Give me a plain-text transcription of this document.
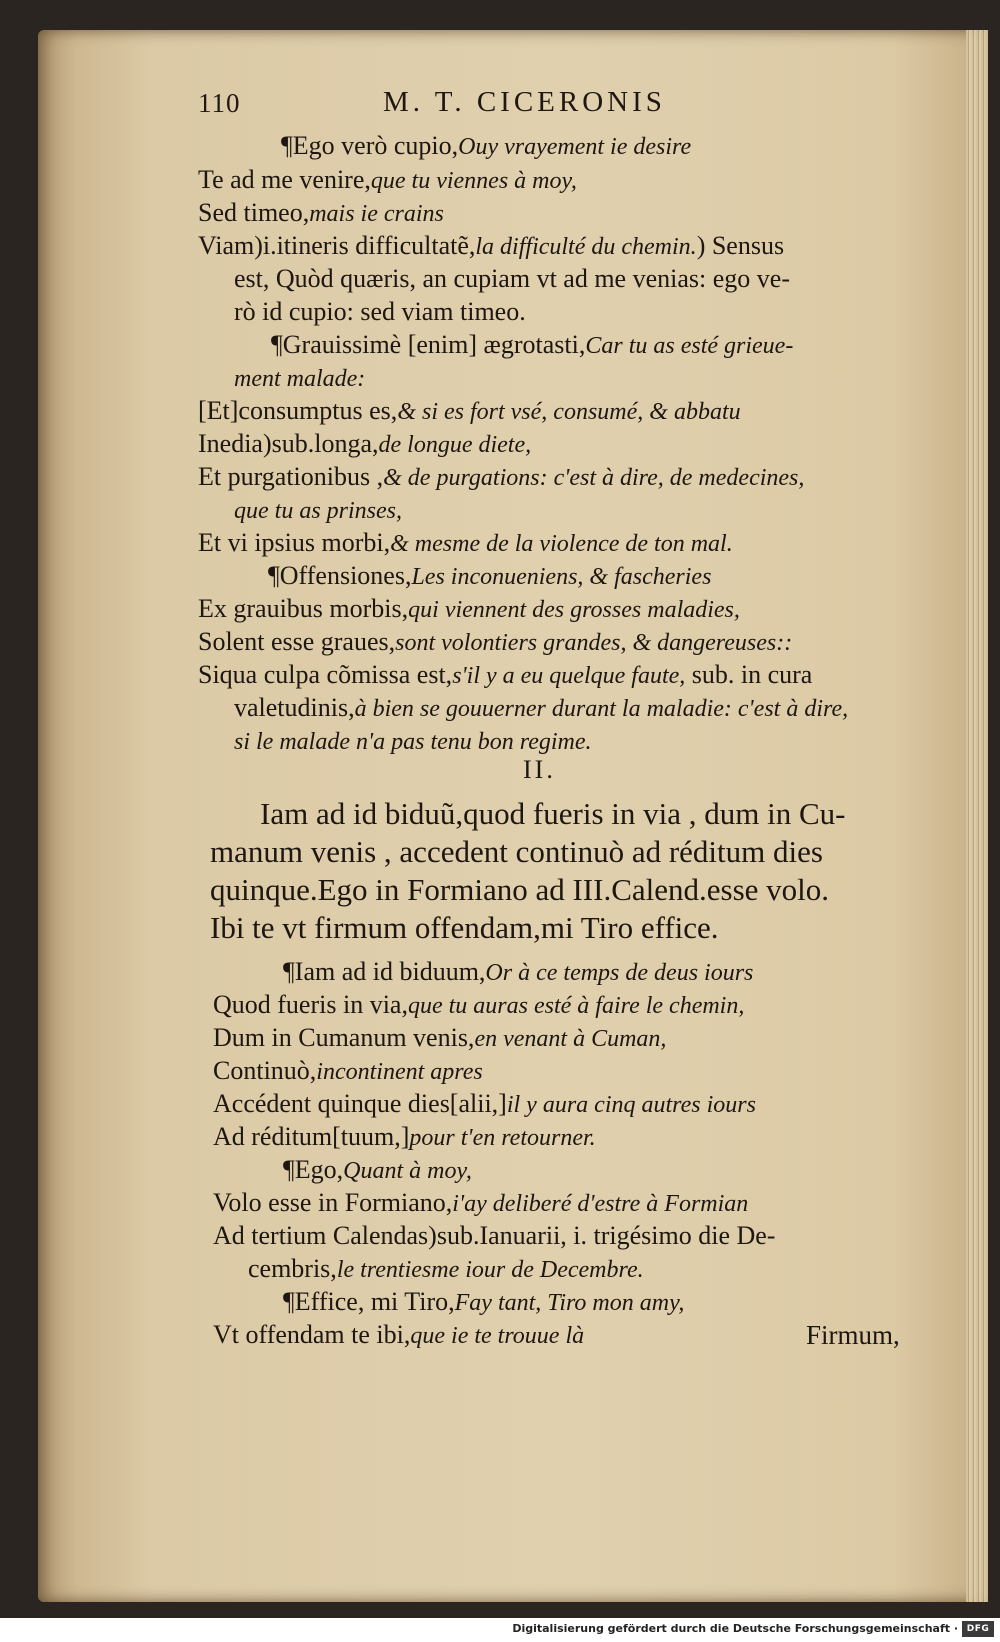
110	M. T. CICERONIS
¶Ego verò cupio,Ouy vrayement ie desire
Te ad me venire,que tu viennes à moy,
Sed timeo,mais ie crains
Viam)i.itineris difficultatẽ,la difficulté du chemin.) Sensus
est, Quòd quæris, an cupiam vt ad me venias: ego ve-
rò id cupio: sed viam timeo.
¶Grauissimè [enim] ægrotasti,Car tu as esté grieue-
ment malade:
[Et]consumptus es,& si es fort vsé, consumé, & abbatu
Inedia)sub.longa,de longue diete,
Et purgationibus ,& de purgations: c'est à dire, de medecines,
que tu as prinses,
Et vi ipsius morbi,& mesme de la violence de ton mal.
¶Offensiones,Les inconueniens, & fascheries
Ex grauibus morbis,qui viennent des grosses maladies,
Solent esse graues,sont volontiers grandes, & dangereuses::
Siqua culpa cõmissa est,s'il y a eu quelque faute, sub. in cura
valetudinis,à bien se gouuerner durant la maladie: c'est à dire,
si le malade n'a pas tenu bon regime.
II.
Iam ad id biduũ,quod fueris in via , dum in Cu-
manum venis , accedent continuò ad réditum dies
quinque.Ego in Formiano ad III.Calend.esse volo.
Ibi te vt firmum offendam,mi Tiro effice.
¶Iam ad id biduum,Or à ce temps de deus iours
Quod fueris in via,que tu auras esté à faire le chemin,
Dum in Cumanum venis,en venant à Cuman,
Continuò,incontinent apres
Accédent quinque dies[alii,]il y aura cinq autres iours
Ad réditum[tuum,]pour t'en retourner.
¶Ego,Quant à moy,
Volo esse in Formiano,i'ay deliberé d'estre à Formian
Ad tertium Calendas)sub.Ianuarii, i. trigésimo die De-
cembris,le trentiesme iour de Decembre.
¶Effice, mi Tiro,Fay tant, Tiro mon amy,
Vt offendam te ibi,que ie te trouue là	Firmum,
Digitalisierung gefördert durch die Deutsche Forschungsgemeinschaft · DFG
